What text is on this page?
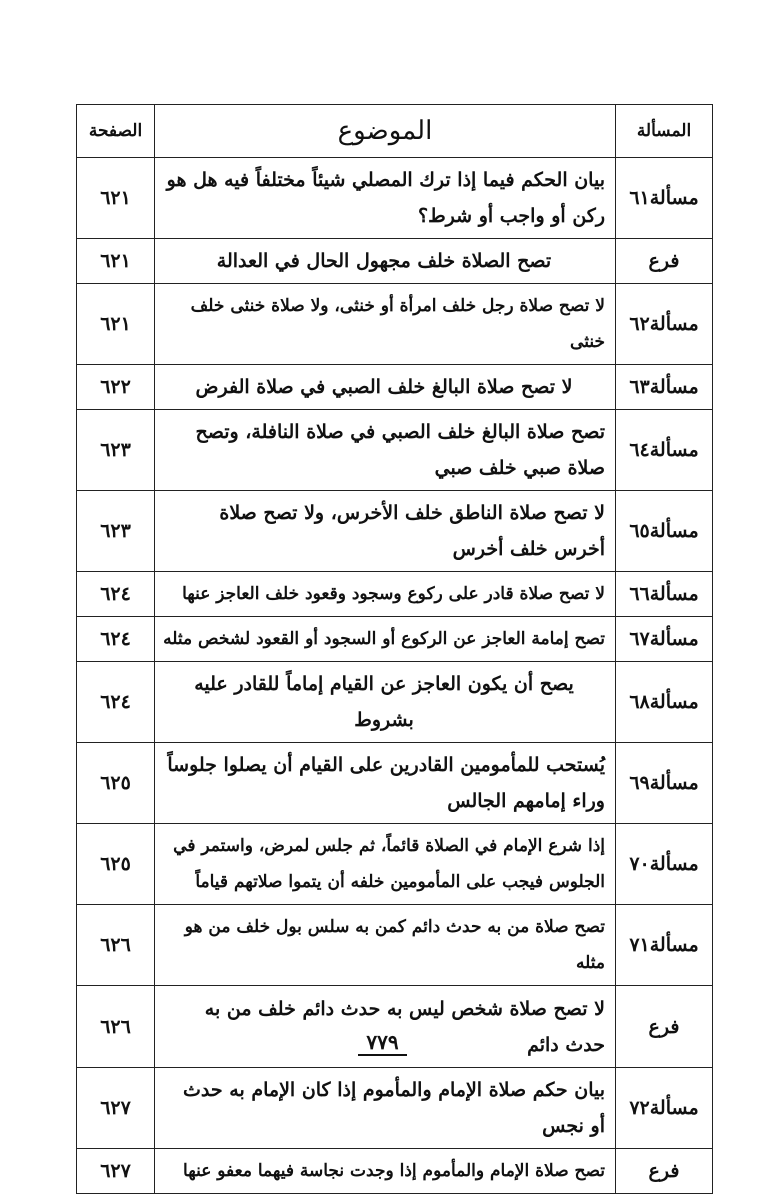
المسألة	الموضوع	الصفحة
مسألة٦١	بيان الحكم فيما إذا ترك المصلي شيئاً مختلفاً فيه هل هو ركن أو واجب أو شرط؟	٦٢١
فرع	تصح الصلاة خلف مجهول الحال في العدالة	٦٢١
مسألة٦٢	لا تصح صلاة رجل خلف امرأة أو خنثى، ولا صلاة خنثى خلف خنثى	٦٢١
مسألة٦٣	لا تصح صلاة البالغ خلف الصبي في صلاة الفرض	٦٢٢
مسألة٦٤	تصح صلاة البالغ خلف الصبي في صلاة النافلة، وتصح صلاة صبي خلف صبي	٦٢٣
مسألة٦٥	لا تصح صلاة الناطق خلف الأخرس، ولا تصح صلاة أخرس خلف أخرس	٦٢٣
مسألة٦٦	لا تصح صلاة قادر على ركوع وسجود وقعود خلف العاجز عنها	٦٢٤
مسألة٦٧	تصح إمامة العاجز عن الركوع أو السجود أو القعود لشخص مثله	٦٢٤
مسألة٦٨	يصح أن يكون العاجز عن القيام إماماً للقادر عليه بشروط	٦٢٤
مسألة٦٩	يُستحب للمأمومين القادرين على القيام أن يصلوا جلوساً وراء إمامهم الجالس	٦٢٥
مسألة٧٠	إذا شرع الإمام في الصلاة قائماً، ثم جلس لمرض، واستمر في الجلوس فيجب على المأمومين خلفه أن يتموا صلاتهم قياماً	٦٢٥
مسألة٧١	تصح صلاة من به حدث دائم كمن به سلس بول خلف من هو مثله	٦٢٦
فرع	لا تصح صلاة شخص ليس به حدث دائم خلف من به حدث دائم	٦٢٦
مسألة٧٢	بيان حكم صلاة الإمام والمأموم إذا كان الإمام به حدث أو نجس	٦٢٧
فرع	تصح صلاة الإمام والمأموم إذا وجدت نجاسة فيهما معفو عنها	٦٢٧
٧٧٩
